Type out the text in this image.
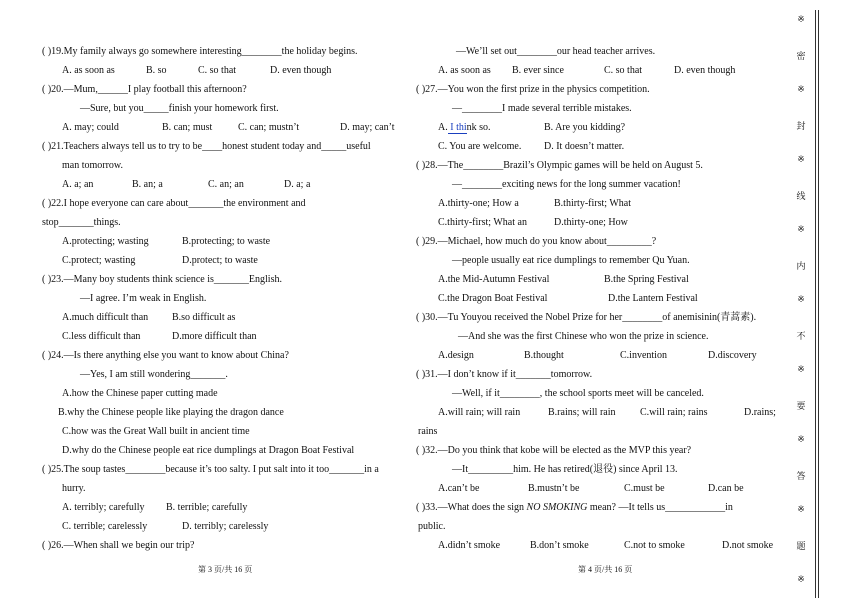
( )19.My family always go somewhere interesting________the holiday begins.
A. as soon as	B. so	C. so that	D. even though
( )20.—Mum,______I play football this afternoon?
—Sure, but you_____finish your homework first.
A. may; could	B. can; must	C. can; mustn’t	D. may; can’t
( )21.Teachers always tell us to try to be____honest student today and_____useful
man tomorrow.
A. a; an	B. an; a	C. an; an	D. a; a
( )22.I hope everyone can care about_______the environment and
stop_______things.
A.protecting; wasting	B.protecting; to waste
C.protect; wasting	D.protect; to waste
( )23.—Many boy students think science is_______English.
—I agree. I’m weak in English.
A.much difficult than B.so difficult as
C.less difficult than	D.more difficult than
( )24.—Is there anything else you want to know about China?
—Yes, I am still wondering_______.
A.how the Chinese paper cutting made
B.why the Chinese people like playing the dragon dance
C.how was the Great Wall built in ancient time
D.why do the Chinese people eat rice dumplings at Dragon Boat Festival
( )25.The soup tastes________because it’s too salty. I put salt into it too_______in a
hurry.
A. terribly; carefully B. terrible; carefully
C. terrible; carelessly	D. terribly; carelessly
( )26.—When shall we begin our trip?
第 3 页/共 16 页
—We’ll set out________our head teacher arrives.
A. as soon as B. ever since	C. so that	D. even though
( )27.—You won the first prize in the physics competition.
—________I made several terrible mistakes.
A. I think so.	B. Are you kidding?
C. You are welcome. D. It doesn’t matter.
( )28.—The________Brazil’s Olympic games will be held on August 5.
—________exciting news for the long summer vacation!
A.thirty-one; How a	B.thirty-first; What
C.thirty-first; What an	D.thirty-one; How
( )29.—Michael, how much do you know about_________?
—people usually eat rice dumplings to remember Qu Yuan.
A.the Mid-Autumn Festival	B.the Spring Festival
C.the Dragon Boat Festival	D.the Lantern Festival
( )30.—Tu Youyou received the Nobel Prize for her________of anemisinin(青蒿素).
—And she was the first Chinese who won the prize in science.
A.design	B.thought	C.invention	D.discovery
( )31.—I don’t know if it_______tomorrow.
—Well, if it________, the school sports meet will be canceled.
A.will rain; will rain	B.rains; will rain C.will rain; rains	D.rains;
rains
( )32.—Do you think that kobe will be elected as the MVP this year?
—It_________him. He has retired(退役) since April 13.
A.can’t be	B.mustn’t be	C.must be	D.can be
( )33.—What does the sign NO SMOKING mean? —It tells us____________in
public.
A.didn’t smoke	B.don’t smoke	C.not to smoke	D.not smoke
第 4 页/共 16 页
※
密
※
封
※
线
※
内
※
不
※
要
※
答
※
题
※
